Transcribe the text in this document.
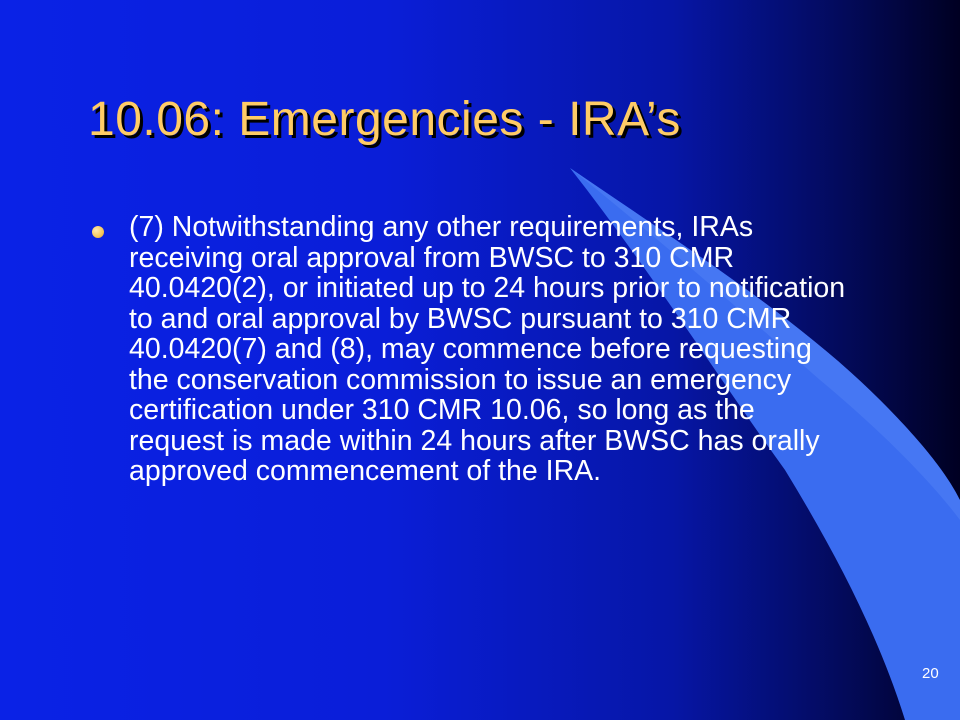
10.06: Emergencies - IRA’s
(7) Notwithstanding any other requirements, IRAs receiving oral approval from BWSC to 310 CMR 40.0420(2), or initiated up to 24 hours prior to notification to and oral approval by BWSC pursuant to 310 CMR 40.0420(7) and (8), may commence before requesting the conservation commission to issue an emergency certification under 310 CMR 10.06, so long as the request is made within 24 hours after BWSC has orally approved commencement of the IRA.
20
